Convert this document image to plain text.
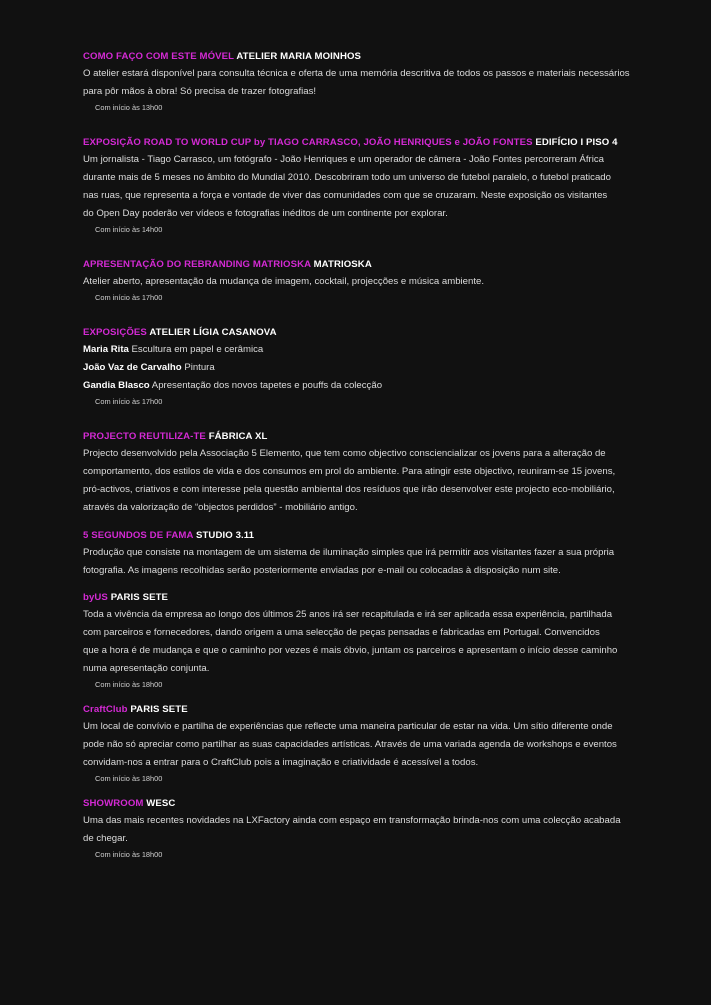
COMO FAÇO COM ESTE MÓVEL ATELIER MARIA MOINHOS

O atelier estará disponível para consulta técnica e oferta de uma memória descritiva de todos os passos e materiais necessários

para pôr mãos à obra! Só precisa de trazer fotografias!

Com início às 13h00
EXPOSIÇÃO ROAD TO WORLD CUP by TIAGO CARRASCO, JOÃO HENRIQUES e JOÃO FONTES EDIFÍCIO I PISO 4

Um jornalista - Tiago Carrasco, um fotógrafo - João Henriques e um operador de câmera - João Fontes percorreram África

durante mais de 5 meses no âmbito do Mundial 2010. Descobriram todo um universo de futebol paralelo, o futebol praticado

nas ruas, que representa a força e vontade de viver das comunidades com que se cruzaram. Neste exposição os visitantes

do Open Day poderão ver vídeos e fotografias inéditos de um continente por explorar.

Com início às 14h00
APRESENTAÇÃO DO REBRANDING MATRIOSKA MATRIOSKA

Atelier aberto, apresentação da mudança de imagem, cocktail, projecções e música ambiente.

Com início às 17h00
EXPOSIÇÕES ATELIER LÍGIA CASANOVA

Maria Rita Escultura em papel e cerâmica

João Vaz de Carvalho Pintura

Gandia Blasco Apresentação dos novos tapetes e pouffs da colecção

Com início às 17h00
PROJECTO REUTILIZA-TE FÁBRICA XL

Projecto desenvolvido pela Associação 5 Elemento, que tem como objectivo consciencializar os jovens para a alteração de

comportamento, dos estilos de vida e dos consumos em prol do ambiente. Para atingir este objectivo, reuniram-se 15 jovens,

pró-activos, criativos e com interesse pela questão ambiental dos resíduos que irão desenvolver este projecto eco-mobiliário,

através da valorização de “objectos perdidos” - mobiliário antigo.

5 SEGUNDOS DE FAMA STUDIO 3.11

Produção que consiste na montagem de um sistema de iluminação simples que irá permitir aos visitantes fazer a sua própria

fotografia. As imagens recolhidas serão posteriormente enviadas por e-mail ou colocadas à disposição num site.

byUS PARIS SETE

Toda a vivência da empresa ao longo dos últimos 25 anos irá ser recapitulada e irá ser aplicada essa experiência, partilhada

com parceiros e fornecedores, dando origem a uma selecção de peças pensadas e fabricadas em Portugal. Convencidos

que a hora é de mudança e que o caminho por vezes é mais óbvio, juntam os parceiros e apresentam o início desse caminho

numa apresentação conjunta.

Com início às 18h00
CraftClub PARIS SETE

Um local de convívio e partilha de experiências que reflecte uma maneira particular de estar na vida. Um sítio diferente onde

pode não só apreciar como partilhar as suas capacidades artísticas. Através de uma variada agenda de workshops e eventos

convidam-nos a entrar para o CraftClub pois a imaginação e criatividade é acessível a todos.

Com início às 18h00
SHOWROOM WESC

Uma das mais recentes novidades na LXFactory ainda com espaço em transformação brinda-nos com uma colecção acabada

de chegar.

Com início às 18h00
